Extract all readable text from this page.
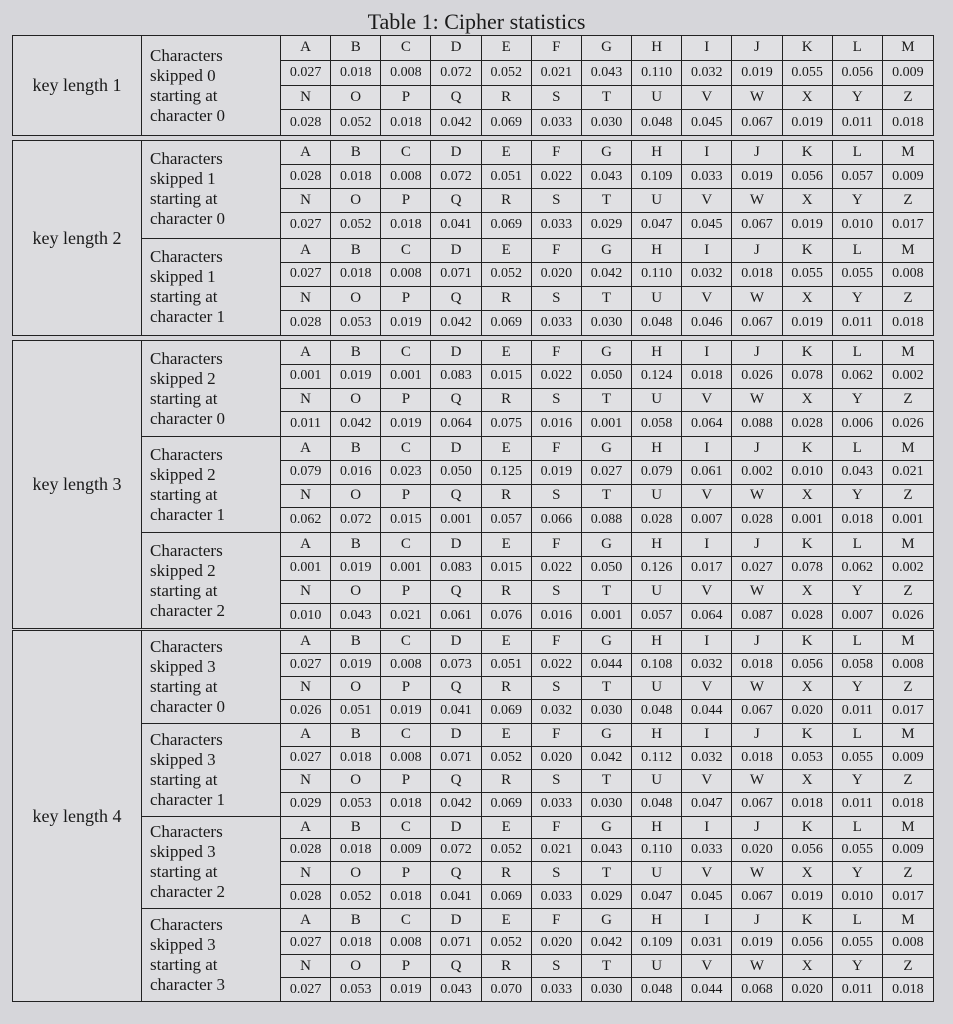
Table 1: Cipher statistics
key length 1
Characters
skipped 0
starting at
character 0
A	B	C	D	E	F	G	H	I	J	K	L	M
0.027	0.018	0.008	0.072	0.052	0.021	0.043	0.110	0.032	0.019	0.055	0.056	0.009
N	O	P	Q	R	S	T	U	V	W	X	Y	Z
0.028	0.052	0.018	0.042	0.069	0.033	0.030	0.048	0.045	0.067	0.019	0.011	0.018
key length 2
Characters
skipped 1
starting at
character 0
A	B	C	D	E	F	G	H	I	J	K	L	M
0.028	0.018	0.008	0.072	0.051	0.022	0.043	0.109	0.033	0.019	0.056	0.057	0.009
N	O	P	Q	R	S	T	U	V	W	X	Y	Z
0.027	0.052	0.018	0.041	0.069	0.033	0.029	0.047	0.045	0.067	0.019	0.010	0.017
Characters
skipped 1
starting at
character 1
A	B	C	D	E	F	G	H	I	J	K	L	M
0.027	0.018	0.008	0.071	0.052	0.020	0.042	0.110	0.032	0.018	0.055	0.055	0.008
N	O	P	Q	R	S	T	U	V	W	X	Y	Z
0.028	0.053	0.019	0.042	0.069	0.033	0.030	0.048	0.046	0.067	0.019	0.011	0.018
key length 3
Characters
skipped 2
starting at
character 0
A	B	C	D	E	F	G	H	I	J	K	L	M
0.001	0.019	0.001	0.083	0.015	0.022	0.050	0.124	0.018	0.026	0.078	0.062	0.002
N	O	P	Q	R	S	T	U	V	W	X	Y	Z
0.011	0.042	0.019	0.064	0.075	0.016	0.001	0.058	0.064	0.088	0.028	0.006	0.026
Characters
skipped 2
starting at
character 1
A	B	C	D	E	F	G	H	I	J	K	L	M
0.079	0.016	0.023	0.050	0.125	0.019	0.027	0.079	0.061	0.002	0.010	0.043	0.021
N	O	P	Q	R	S	T	U	V	W	X	Y	Z
0.062	0.072	0.015	0.001	0.057	0.066	0.088	0.028	0.007	0.028	0.001	0.018	0.001
Characters
skipped 2
starting at
character 2
A	B	C	D	E	F	G	H	I	J	K	L	M
0.001	0.019	0.001	0.083	0.015	0.022	0.050	0.126	0.017	0.027	0.078	0.062	0.002
N	O	P	Q	R	S	T	U	V	W	X	Y	Z
0.010	0.043	0.021	0.061	0.076	0.016	0.001	0.057	0.064	0.087	0.028	0.007	0.026
key length 4
Characters
skipped 3
starting at
character 0
A	B	C	D	E	F	G	H	I	J	K	L	M
0.027	0.019	0.008	0.073	0.051	0.022	0.044	0.108	0.032	0.018	0.056	0.058	0.008
N	O	P	Q	R	S	T	U	V	W	X	Y	Z
0.026	0.051	0.019	0.041	0.069	0.032	0.030	0.048	0.044	0.067	0.020	0.011	0.017
Characters
skipped 3
starting at
character 1
A	B	C	D	E	F	G	H	I	J	K	L	M
0.027	0.018	0.008	0.071	0.052	0.020	0.042	0.112	0.032	0.018	0.053	0.055	0.009
N	O	P	Q	R	S	T	U	V	W	X	Y	Z
0.029	0.053	0.018	0.042	0.069	0.033	0.030	0.048	0.047	0.067	0.018	0.011	0.018
Characters
skipped 3
starting at
character 2
A	B	C	D	E	F	G	H	I	J	K	L	M
0.028	0.018	0.009	0.072	0.052	0.021	0.043	0.110	0.033	0.020	0.056	0.055	0.009
N	O	P	Q	R	S	T	U	V	W	X	Y	Z
0.028	0.052	0.018	0.041	0.069	0.033	0.029	0.047	0.045	0.067	0.019	0.010	0.017
Characters
skipped 3
starting at
character 3
A	B	C	D	E	F	G	H	I	J	K	L	M
0.027	0.018	0.008	0.071	0.052	0.020	0.042	0.109	0.031	0.019	0.056	0.055	0.008
N	O	P	Q	R	S	T	U	V	W	X	Y	Z
0.027	0.053	0.019	0.043	0.070	0.033	0.030	0.048	0.044	0.068	0.020	0.011	0.018
